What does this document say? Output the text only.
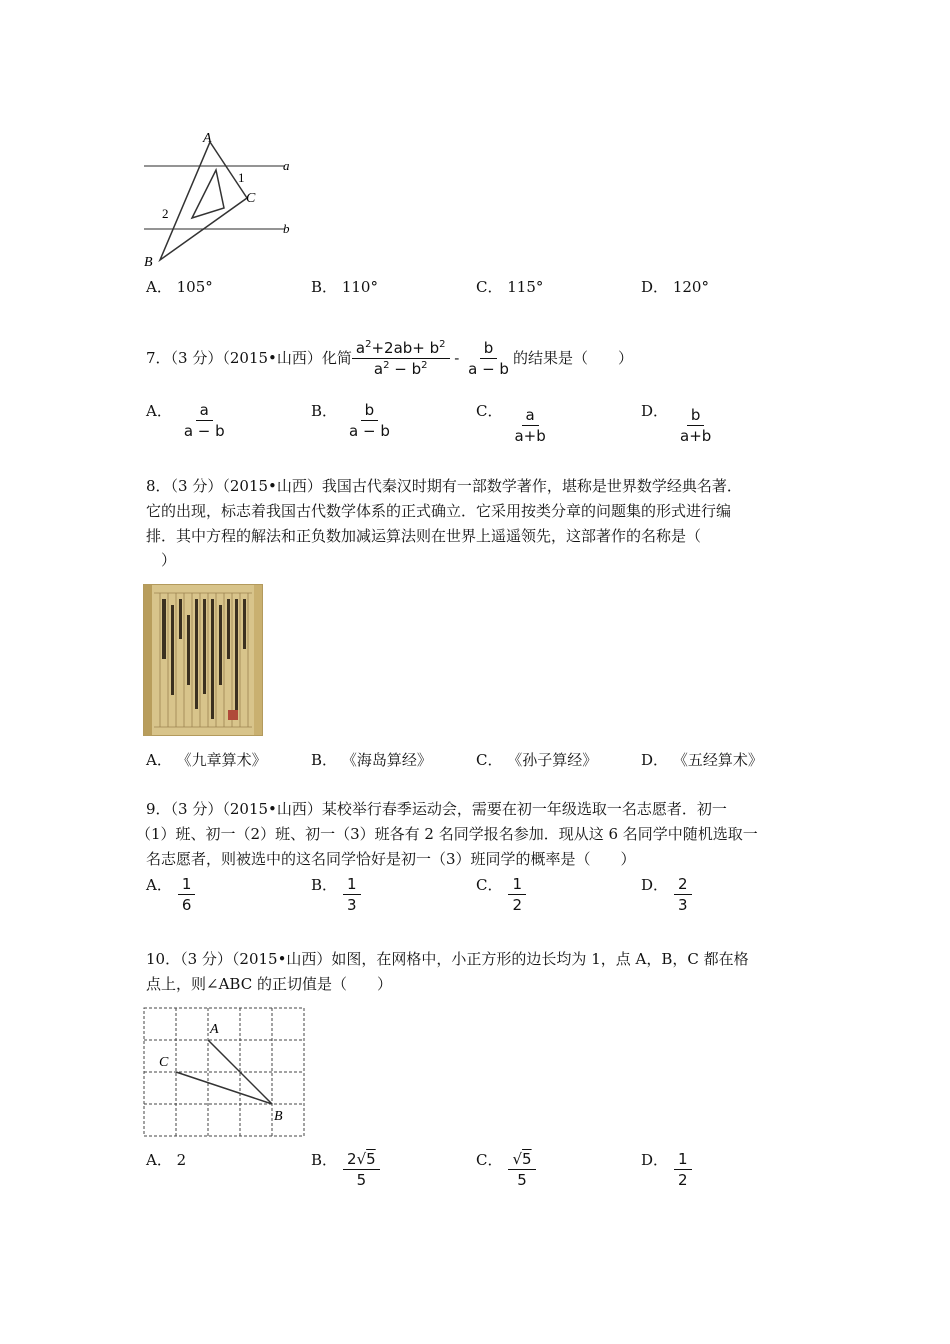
A
B
C
a
b
1
2
A． 105°	B． 110°	C． 115°	D． 120°
7．（3 分）（2015•山西）化简 $\frac{a^2+2ab+ b^2}{a^2 - b^2} - \frac{b}{a - b}$ 的结果是（　　）
A． $\frac{a}{a - b}$	B． $\frac{b}{a - b}$	C． $\frac{a}{a+b}$	D． $\frac{b}{a+b}$
8．（3 分）（2015•山西）我国古代秦汉时期有一部数学著作，堪称是世界数学经典名著．
它的出现，标志着我国古代数学体系的正式确立．它采用按类分章的问题集的形式进行编
排．其中方程的解法和正负数加减运算法则在世界上遥遥领先，这部著作的名称是（
　）
A． 《九章算术》	B． 《海岛算经》	C． 《孙子算经》	D． 《五经算术》
9．（3 分）（2015•山西）某校举行春季运动会，需要在初一年级选取一名志愿者．初一
（1）班、初一（2）班、初一（3）班各有 2 名同学报名参加．现从这 6 名同学中随机选取一
名志愿者，则被选中的这名同学恰好是初一（3）班同学的概率是（　　）
A． $\frac{1}{6}$	B． $\frac{1}{3}$	C． $\frac{1}{2}$	D． $\frac{2}{3}$
10．（3 分）（2015•山西）如图，在网格中，小正方形的边长均为 1，点 A，B，C 都在格
点上，则∠ABC 的正切值是（　　）
A
B
C
A． 2	B． $\frac{2√5}{5}$	C． $\frac{√5}{5}$	D． $\frac{1}{2}$
